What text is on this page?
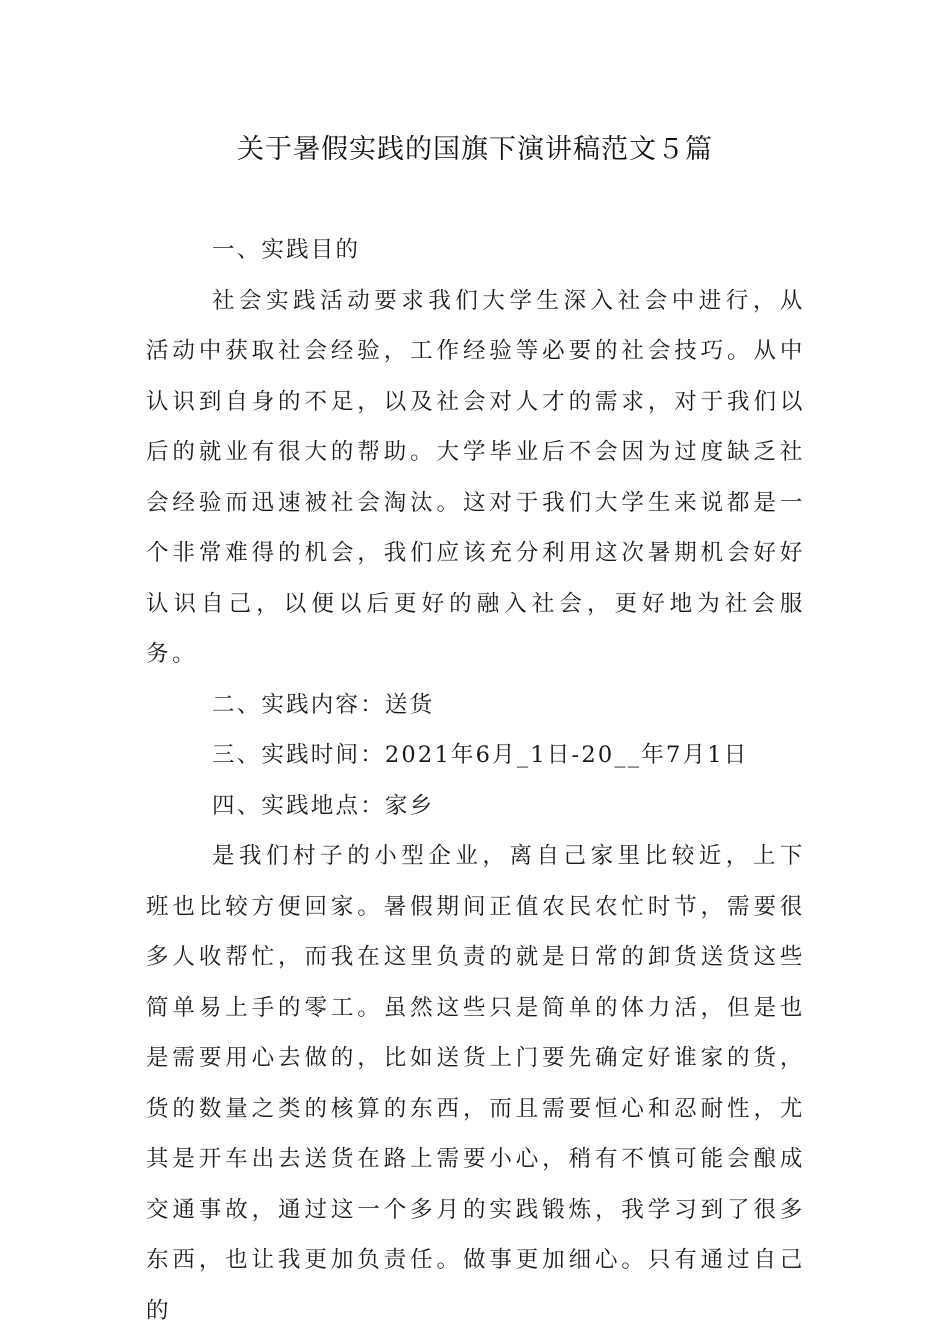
关于暑假实践的国旗下演讲稿范文５篇

一、实践目的

社会实践活动要求我们大学生深入社会中进行，从活动中获取社会经验，工作经验等必要的社会技巧。从中认识到自身的不足，以及社会对人才的需求，对于我们以后的就业有很大的帮助。大学毕业后不会因为过度缺乏社会经验而迅速被社会淘汰。这对于我们大学生来说都是一个非常难得的机会，我们应该充分利用这次暑期机会好好认识自己，以便以后更好的融入社会，更好地为社会服务。

二、实践内容：送货

三、实践时间：2021年6月_1日-20__年7月1日

四、实践地点：家乡

是我们村子的小型企业，离自己家里比较近，上下班也比较方便回家。暑假期间正值农民农忙时节，需要很多人收帮忙，而我在这里负责的就是日常的卸货送货这些简单易上手的零工。虽然这些只是简单的体力活，但是也是需要用心去做的，比如送货上门要先确定好谁家的货，货的数量之类的核算的东西，而且需要恒心和忍耐性，尤其是开车出去送货在路上需要小心，稍有不慎可能会酿成交通事故，通过这一个多月的实践锻炼，我学习到了很多东西，也让我更加负责任。做事更加细心。只有通过自己的
